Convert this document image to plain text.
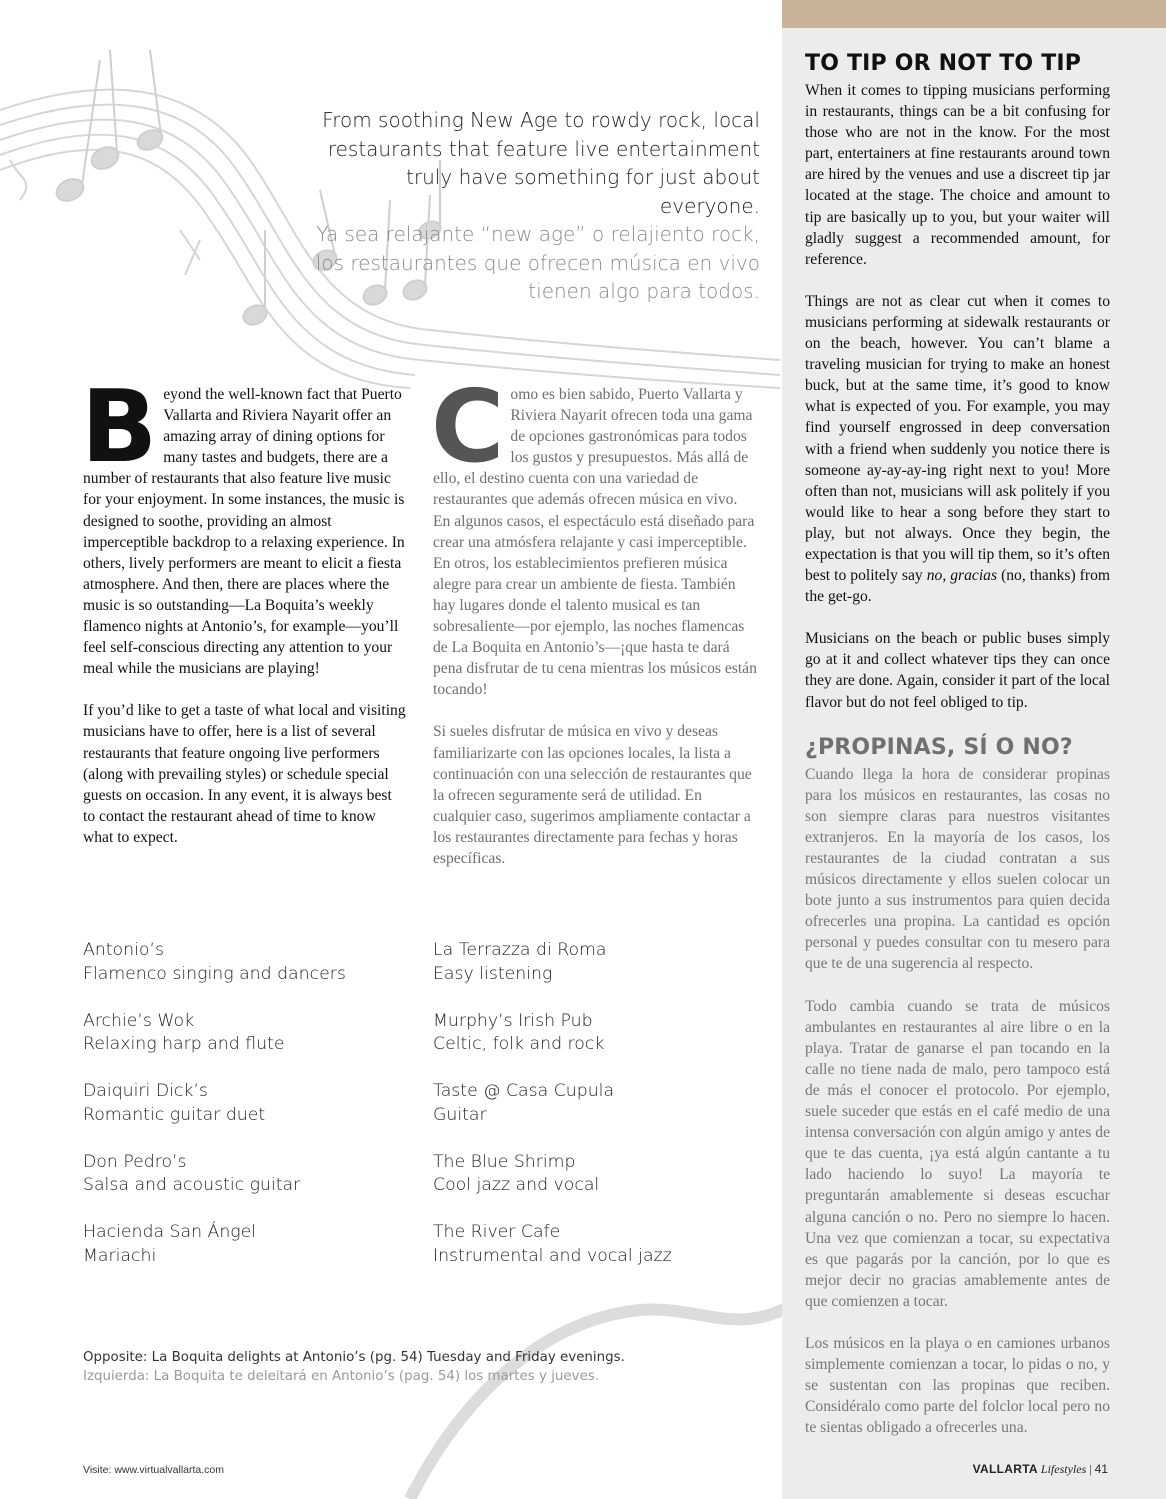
TO TIP OR NOT TO TIP

When it comes to tipping musicians performing in restaurants, things can be a bit confusing for those who are not in the know. For the most part, entertainers at fine restaurants around town are hired by the venues and use a discreet tip jar located at the stage. The choice and amount to tip are basically up to you, but your waiter will gladly suggest a recommended amount, for reference.

Things are not as clear cut when it comes to musicians performing at sidewalk restaurants or on the beach, however. You can’t blame a traveling musician for trying to make an honest buck, but at the same time, it’s good to know what is expected of you. For example, you may find yourself engrossed in deep conversation with a friend when suddenly you notice there is someone ay-ay-ay-ing right next to you! More often than not, musicians will ask politely if you would like to hear a song before they start to play, but not always. Once they begin, the expectation is that you will tip them, so it’s often best to politely say no, gracias (no, thanks) from the get-go.

Musicians on the beach or public buses simply go at it and collect whatever tips they can once they are done. Again, consider it part of the local flavor but do not feel obliged to tip.

¿PROPINAS, SÍ O NO?

Cuando llega la hora de considerar propinas para los músicos en restaurantes, las cosas no son siempre claras para nuestros visitantes extranjeros. En la mayoría de los casos, los restaurantes de la ciudad contratan a sus músicos directamente y ellos suelen colocar un bote junto a sus instrumentos para quien decida ofrecerles una propina. La cantidad es opción personal y puedes consultar con tu mesero para que te de una sugerencia al respecto.

Todo cambia cuando se trata de músicos ambulantes en restaurantes al aire libre o en la playa. Tratar de ganarse el pan tocando en la calle no tiene nada de malo, pero tampoco está de más el conocer el protocolo. Por ejemplo, suele suceder que estás en el café medio de una intensa conversación con algún amigo y antes de que te das cuenta, ¡ya está algún cantante a tu lado haciendo lo suyo! La mayoría te preguntarán amablemente si deseas escuchar alguna canción o no. Pero no siempre lo hacen. Una vez que comienzan a tocar, su expectativa es que pagarás por la canción, por lo que es mejor decir no gracias amablemente antes de que comienzen a tocar.

Los músicos en la playa o en camiones urbanos simplemente comienzan a tocar, lo pidas o no, y se sustentan con las propinas que reciben. Considéralo como parte del folclor local pero no te sientas obligado a ofrecerles una.

From soothing New Age to rowdy rock, local restaurants that feature live entertainment truly have something for just about everyone.
Ya sea relajante “new age” o relajiento rock, los restaurantes que ofrecen música en vivo tienen algo para todos.

Beyond the well-known fact that Puerto Vallarta and Riviera Nayarit offer an amazing array of dining options for many tastes and budgets, there are a number of restaurants that also feature live music for your enjoyment. In some instances, the music is designed to soothe, providing an almost imperceptible backdrop to a relaxing experience. In others, lively performers are meant to elicit a fiesta atmosphere. And then, there are places where the music is so outstanding—La Boquita’s weekly flamenco nights at Antonio’s, for example—you’ll feel self-conscious directing any attention to your meal while the musicians are playing!

If you’d like to get a taste of what local and visiting musicians have to offer, here is a list of several restaurants that feature ongoing live performers (along with prevailing styles) or schedule special guests on occasion. In any event, it is always best to contact the restaurant ahead of time to know what to expect.

Como es bien sabido, Puerto Vallarta y Riviera Nayarit ofrecen toda una gama de opciones gastronómicas para todos los gustos y presupuestos. Más allá de ello, el destino cuenta con una variedad de restaurantes que además ofrecen música en vivo. En algunos casos, el espectáculo está diseñado para crear una atmósfera relajante y casi imperceptible. En otros, los establecimientos prefieren música alegre para crear un ambiente de fiesta. También hay lugares donde el talento musical es tan sobresaliente—por ejemplo, las noches flamencas de La Boquita en Antonio’s—¡que hasta te dará pena disfrutar de tu cena mientras los músicos están tocando!

Si sueles disfrutar de música en vivo y deseas familiarizarte con las opciones locales, la lista a continuación con una selección de restaurantes que la ofrecen seguramente será de utilidad. En cualquier caso, sugerimos ampliamente contactar a los restaurantes directamente para fechas y horas específicas.

Antonio’s
Flamenco singing and dancers
Archie’s Wok
Relaxing harp and flute
Daiquiri Dick’s
Romantic guitar duet
Don Pedro’s
Salsa and acoustic guitar
Hacienda San Ángel
Mariachi
La Terrazza di Roma
Easy listening
Murphy’s Irish Pub
Celtic, folk and rock
Taste @ Casa Cupula
Guitar
The Blue Shrimp
Cool jazz and vocal
The River Cafe
Instrumental and vocal jazz
Opposite: La Boquita delights at Antonio’s (pg. 54) Tuesday and Friday evenings.
Izquierda: La Boquita te deleitará en Antonio’s (pag. 54) los martes y jueves.
Visite: www.virtualvallarta.com	VALLARTA Lifestyles | 41
